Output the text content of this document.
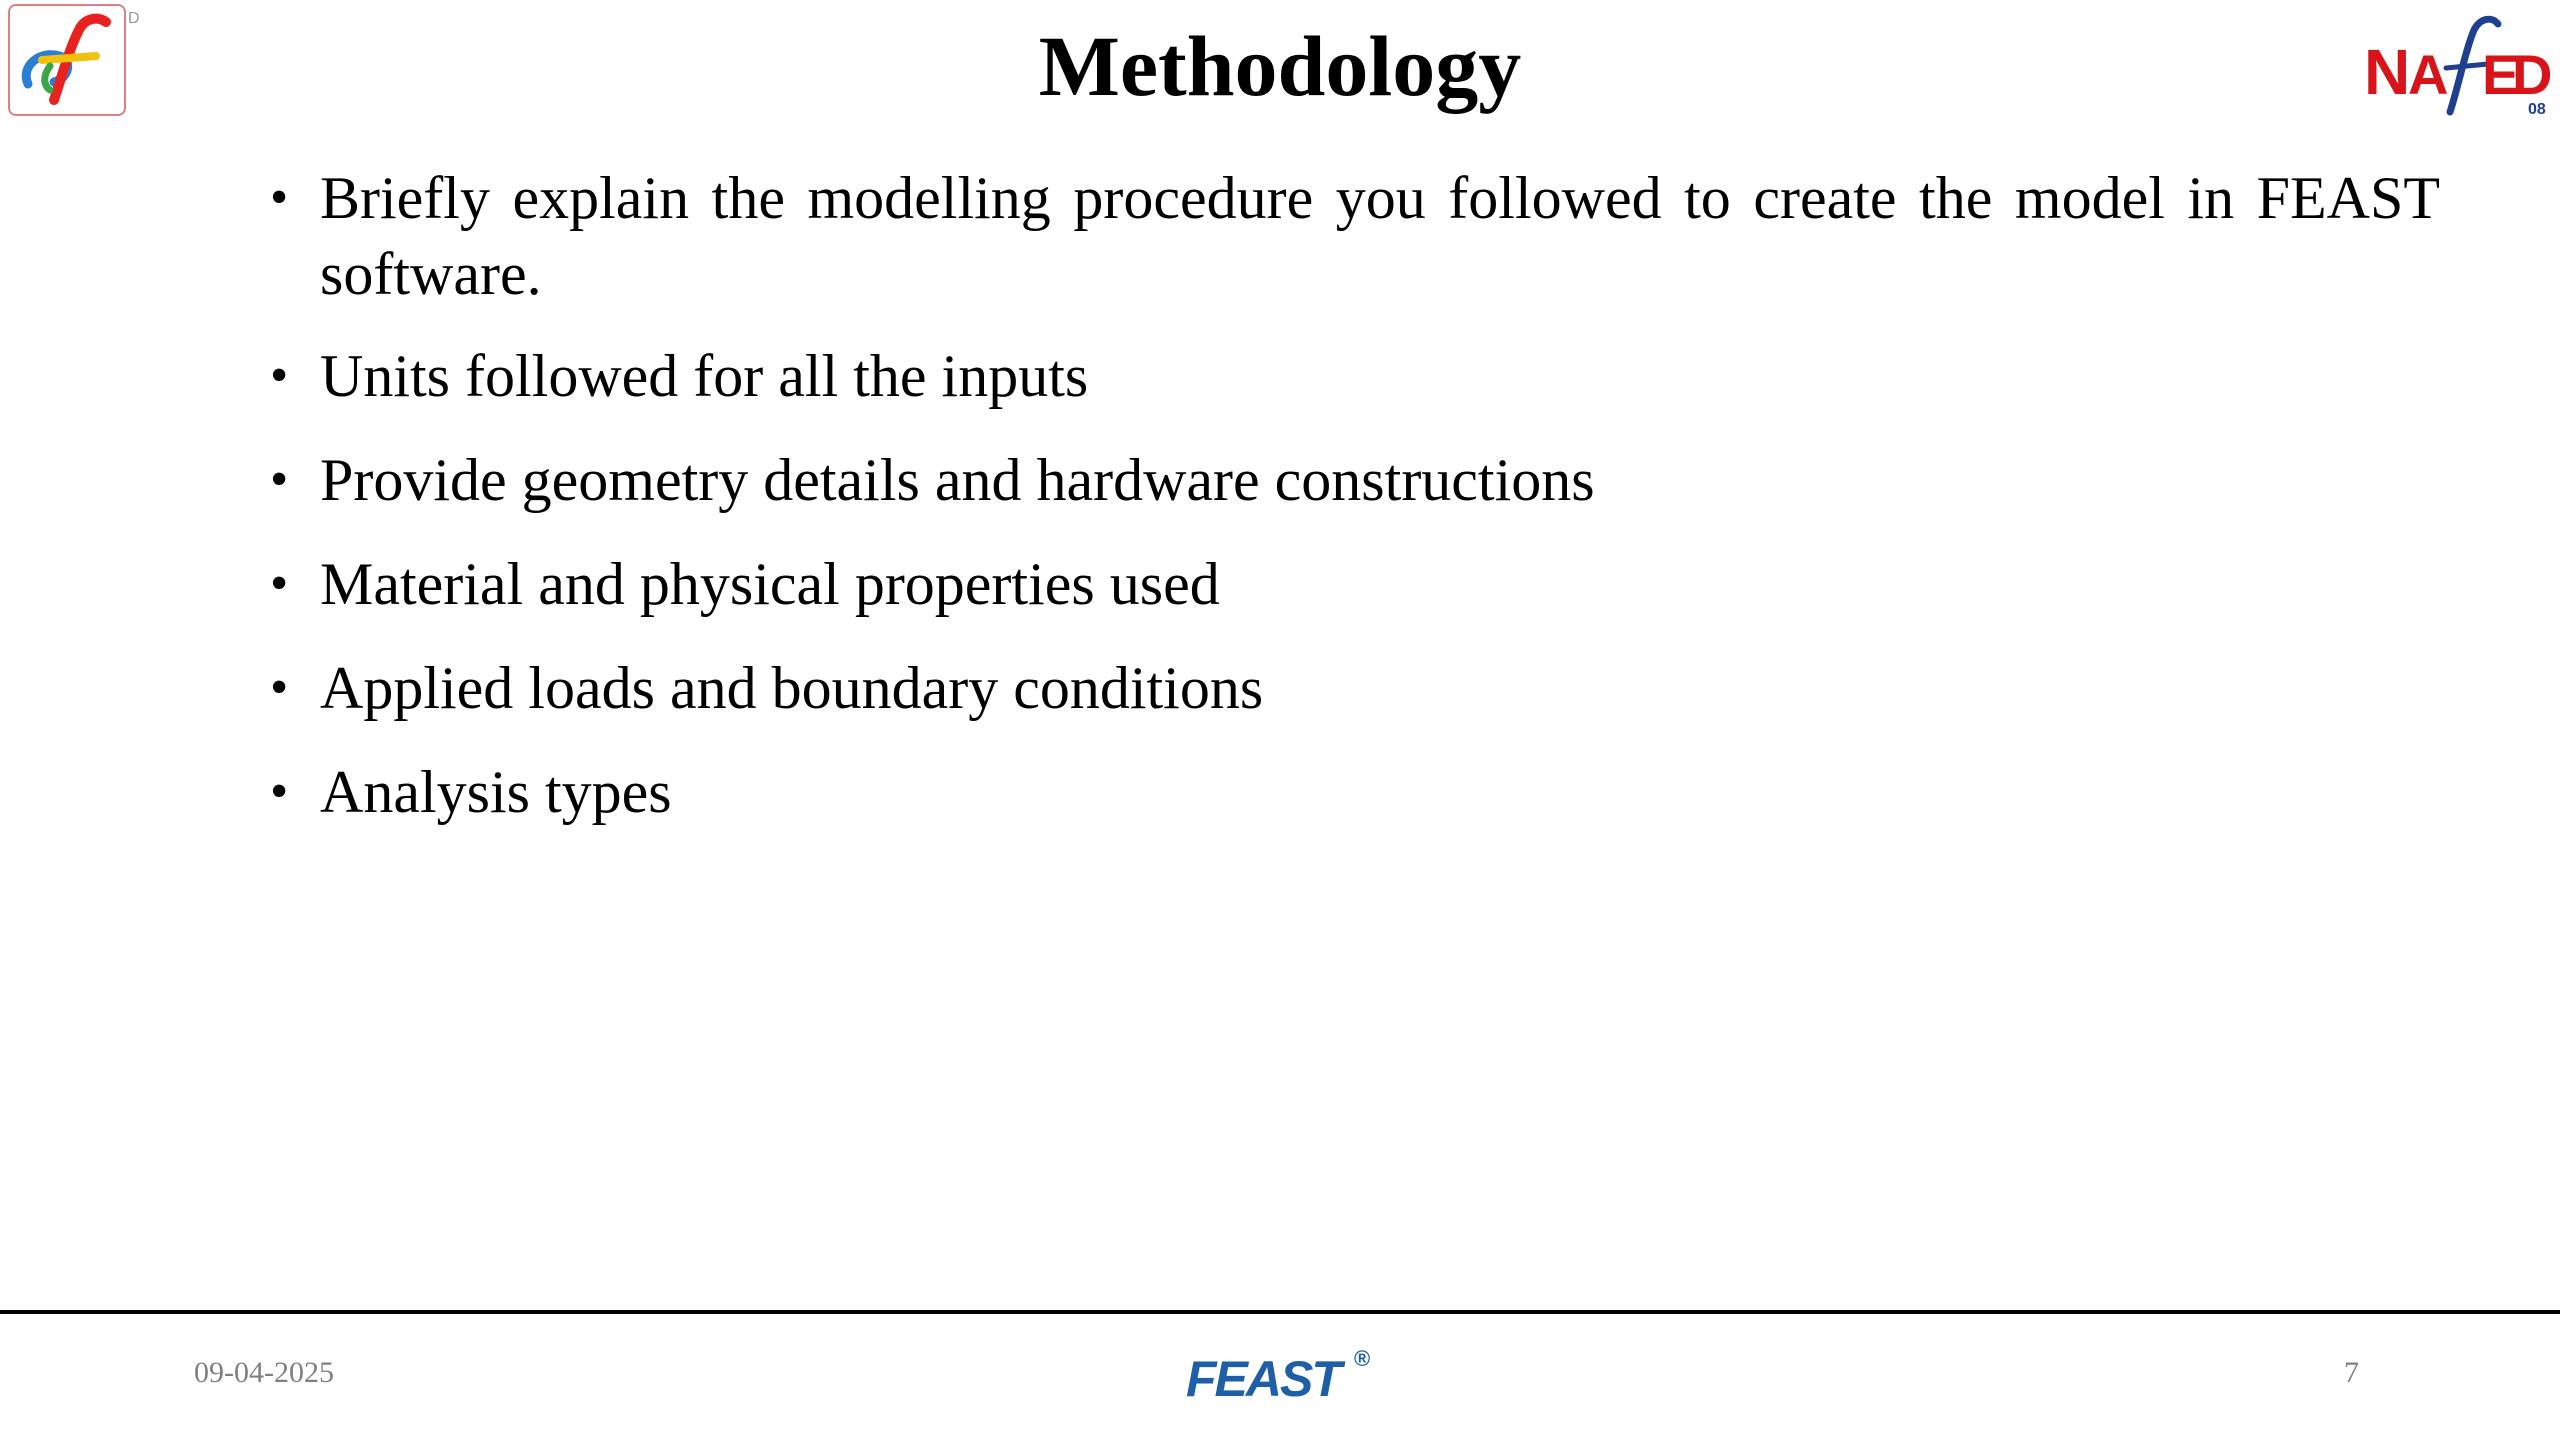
D	Methodology	N
A E
D
08
• Briefly explain the modelling procedure you followed to create the model in FEAST software.
• Units followed for all the inputs
• Provide geometry details and hardware constructions
• Material and physical properties used
• Applied loads and boundary conditions
• Analysis types
09-04-2025	FEAST ®	7
